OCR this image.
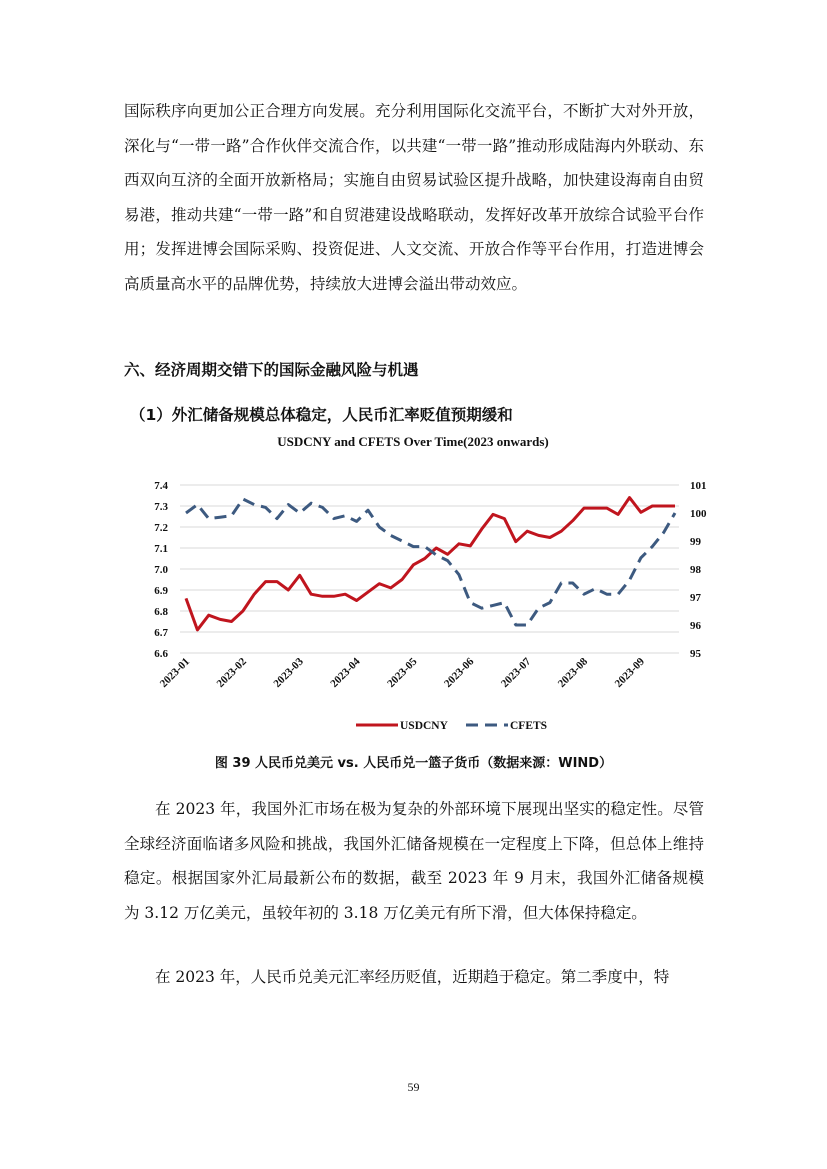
国际秩序向更加公正合理方向发展。充分利用国际化交流平台，不断扩大对外开放，深化与“一带一路”合作伙伴交流合作，以共建“一带一路”推动形成陆海内外联动、东西双向互济的全面开放新格局；实施自由贸易试验区提升战略，加快建设海南自由贸易港，推动共建“一带一路”和自贸港建设战略联动，发挥好改革开放综合试验平台作用；发挥进博会国际采购、投资促进、人文交流、开放合作等平台作用，打造进博会高质量高水平的品牌优势，持续放大进博会溢出带动效应。

六、经济周期交错下的国际金融风险与机遇

（1）外汇储备规模总体稳定，人民币汇率贬值预期缓和

USDCNY and CFETS Over Time(2023 onwards)
7.4
7.3
7.2
7.1
7.0
6.9
6.8
6.7
6.6
101
100
99
98
97
96
95
2023-01 2023-02 2023-03 2023-04 2023-05 2023-06 2023-07 2023-08 2023-09
USDCNY	CFETS
图 39 人民币兑美元 vs. 人民币兑一篮子货币（数据来源：WIND）

在 2023 年，我国外汇市场在极为复杂的外部环境下展现出坚实的稳定性。尽管全球经济面临诸多风险和挑战，我国外汇储备规模在一定程度上下降，但总体上维持稳定。根据国家外汇局最新公布的数据，截至 2023 年 9 月末，我国外汇储备规模为 3.12 万亿美元，虽较年初的 3.18 万亿美元有所下滑，但大体保持稳定。

在 2023 年，人民币兑美元汇率经历贬值，近期趋于稳定。第二季度中，特

59
